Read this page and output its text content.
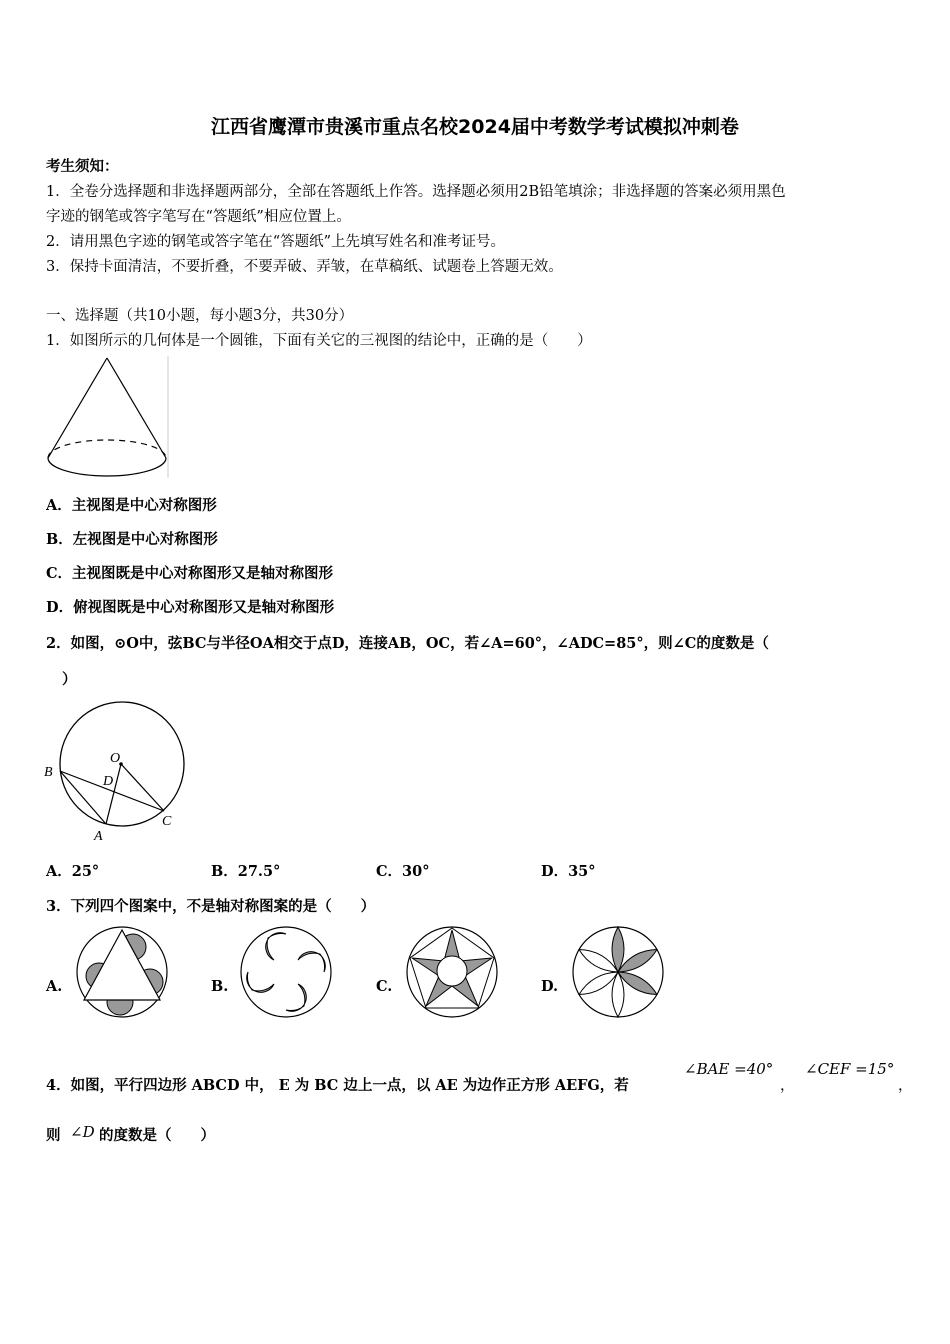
江西省鹰潭市贵溪市重点名校2024届中考数学考试模拟冲刺卷
考生须知：
1．全卷分选择题和非选择题两部分，全部在答题纸上作答。选择题必须用2B铅笔填涂；非选择题的答案必须用黑色
字迹的钢笔或答字笔写在“答题纸”相应位置上。
2．请用黑色字迹的钢笔或答字笔在“答题纸”上先填写姓名和准考证号。
3．保持卡面清洁，不要折叠，不要弄破、弄皱，在草稿纸、试题卷上答题无效。
一、选择题（共10小题，每小题3分，共30分）
1．如图所示的几何体是一个圆锥，下面有关它的三视图的结论中，正确的是（　　）
A．主视图是中心对称图形
B．左视图是中心对称图形
C．主视图既是中心对称图形又是轴对称图形
D．俯视图既是中心对称图形又是轴对称图形
2．如图，⊙O中，弦BC与半径OA相交于点D，连接AB，OC，若∠A=60°，∠ADC=85°，则∠C的度数是（
）
O
B
D
A
C
A．25°	B．27.5°	C．30°	D．35°
3．下列四个图案中，不是轴对称图案的是（　　）
A.	B.	C.	D.
4．如图，平行四边形 ABCD 中， E 为 BC 边上一点，以 AE 为边作正方形 AEFG，若
∠BAE =40°
，
∠CEF =15°
，
则 ∠D 的度数是（　　）
